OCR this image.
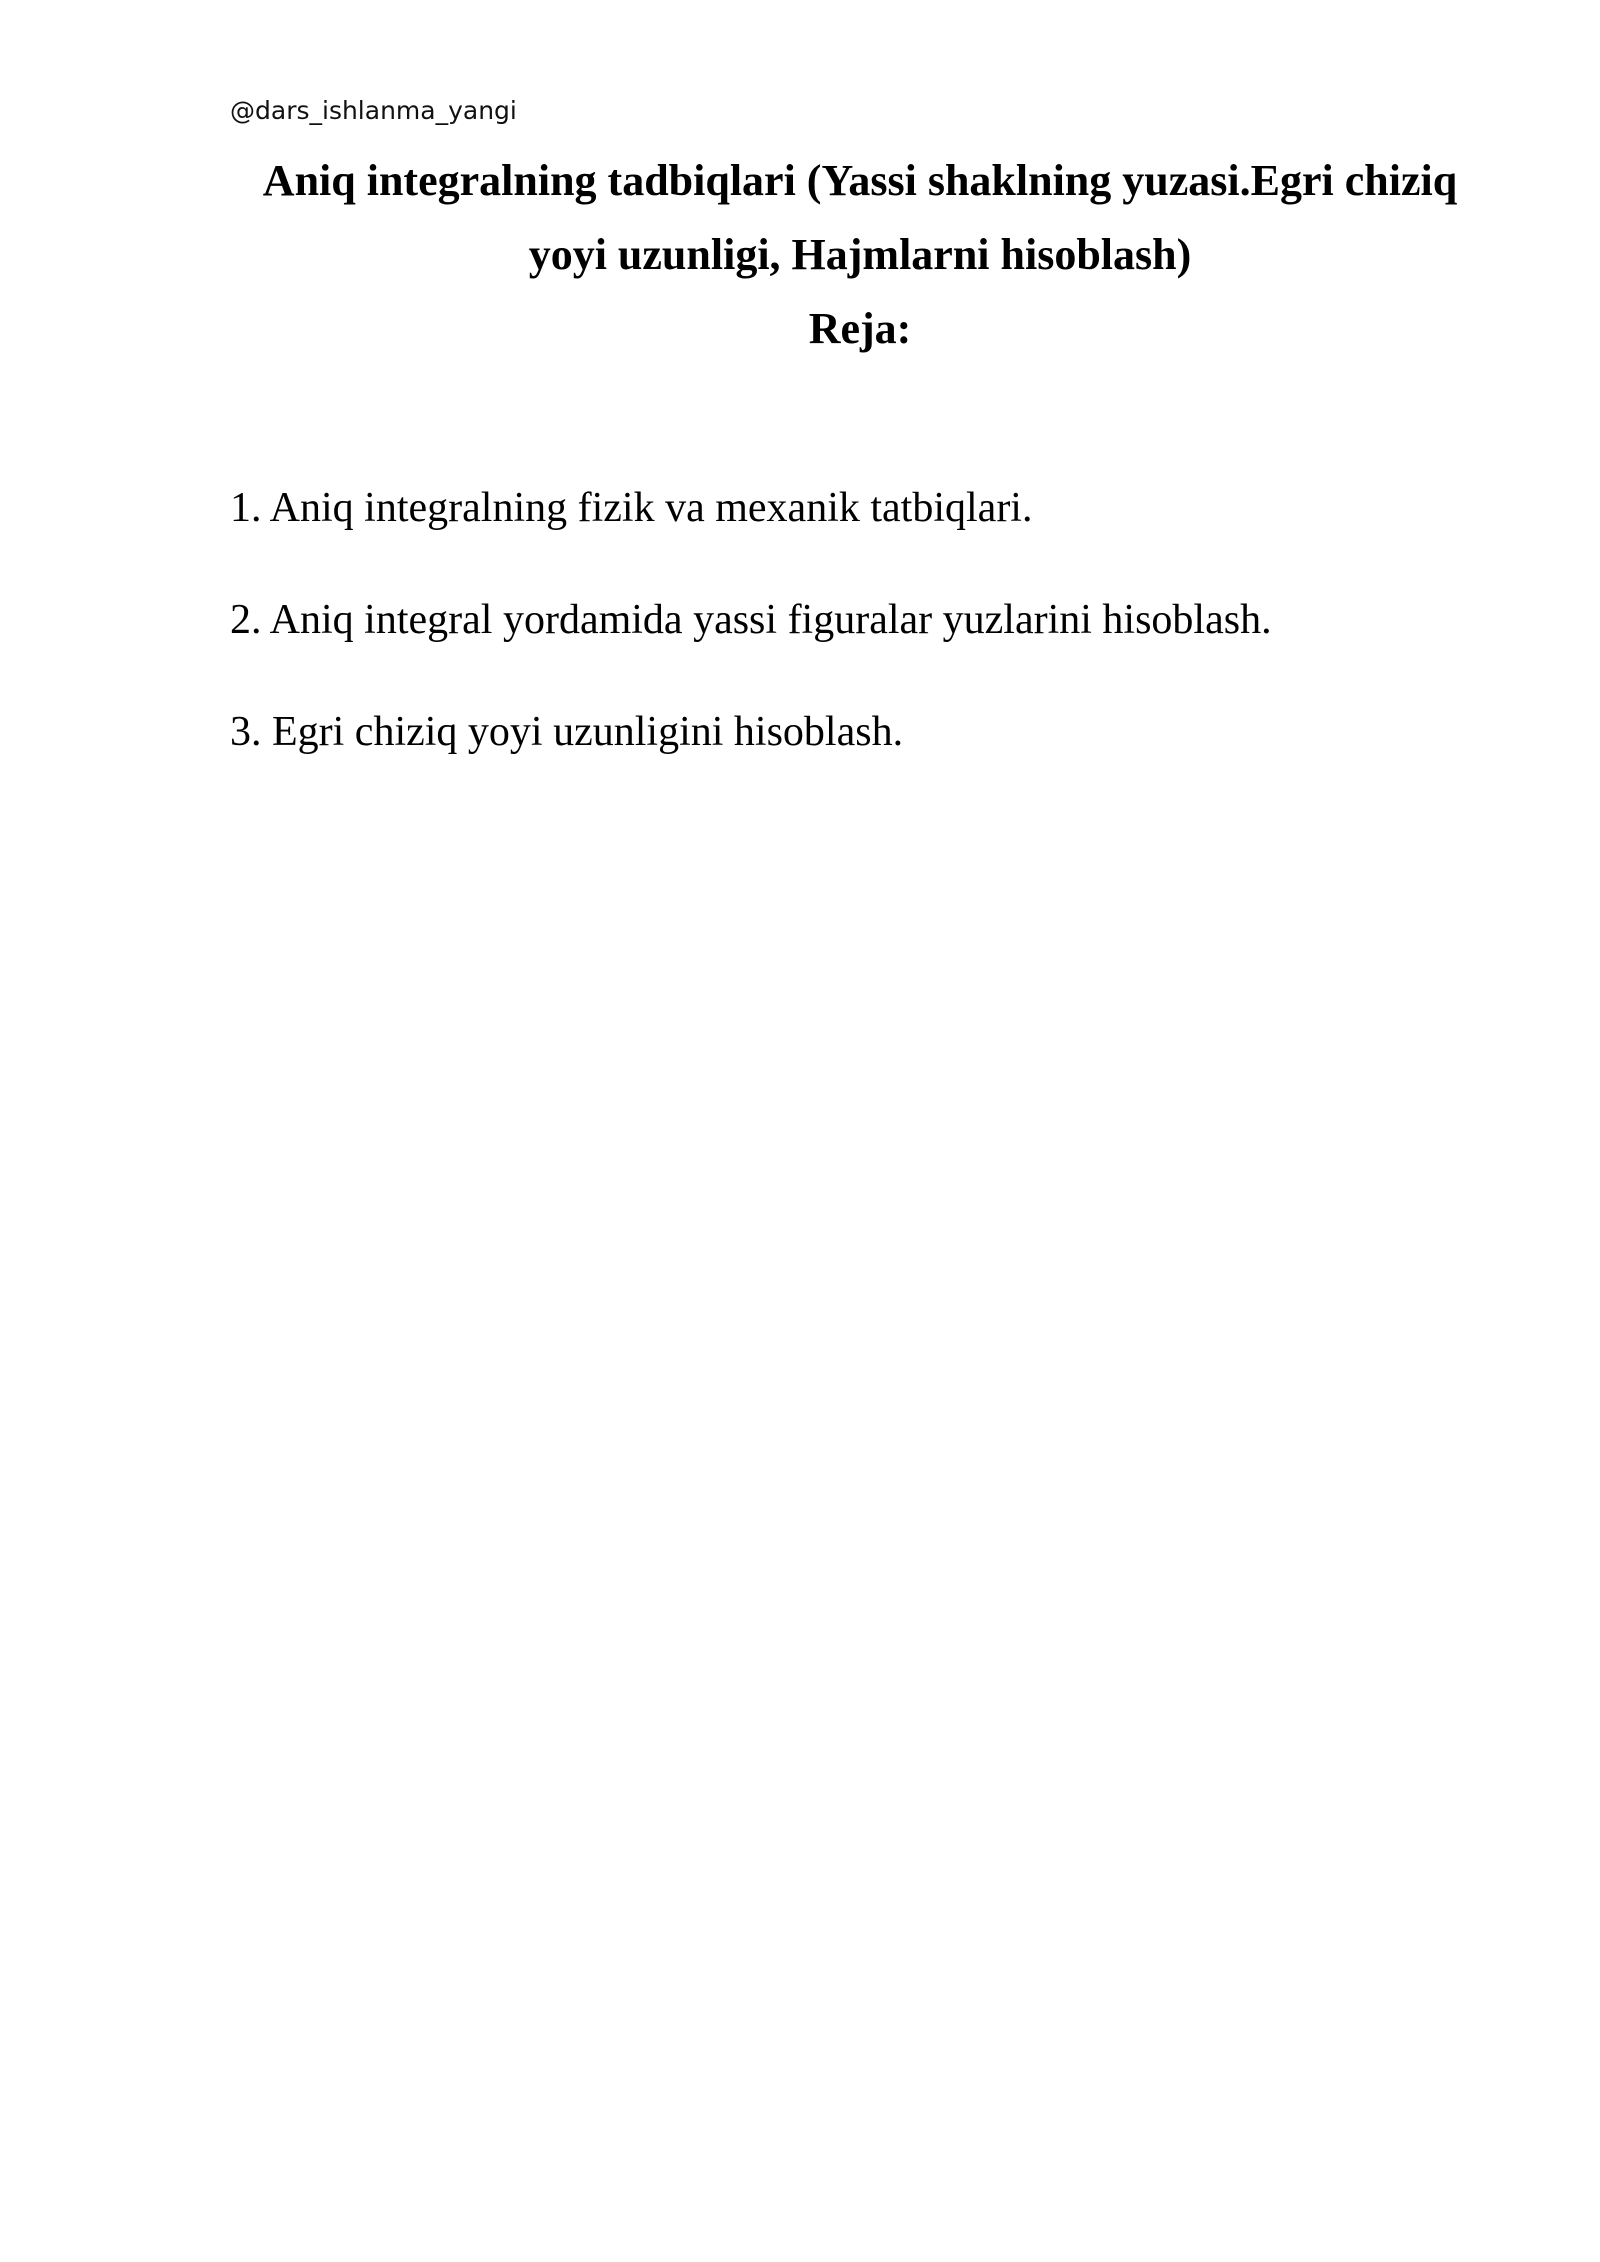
@dars_ishlanma_yangi
Aniq integralning tadbiqlari (Yassi shaklning yuzasi.Egri chiziq
yoyi uzunligi, Hajmlarni hisoblash)
Reja:
1. Aniq integralning fizik va mexanik tatbiqlari.
2. Aniq integral yordamida yassi figuralar yuzlarini hisoblash.
3. Egri chiziq yoyi uzunligini hisoblash.
